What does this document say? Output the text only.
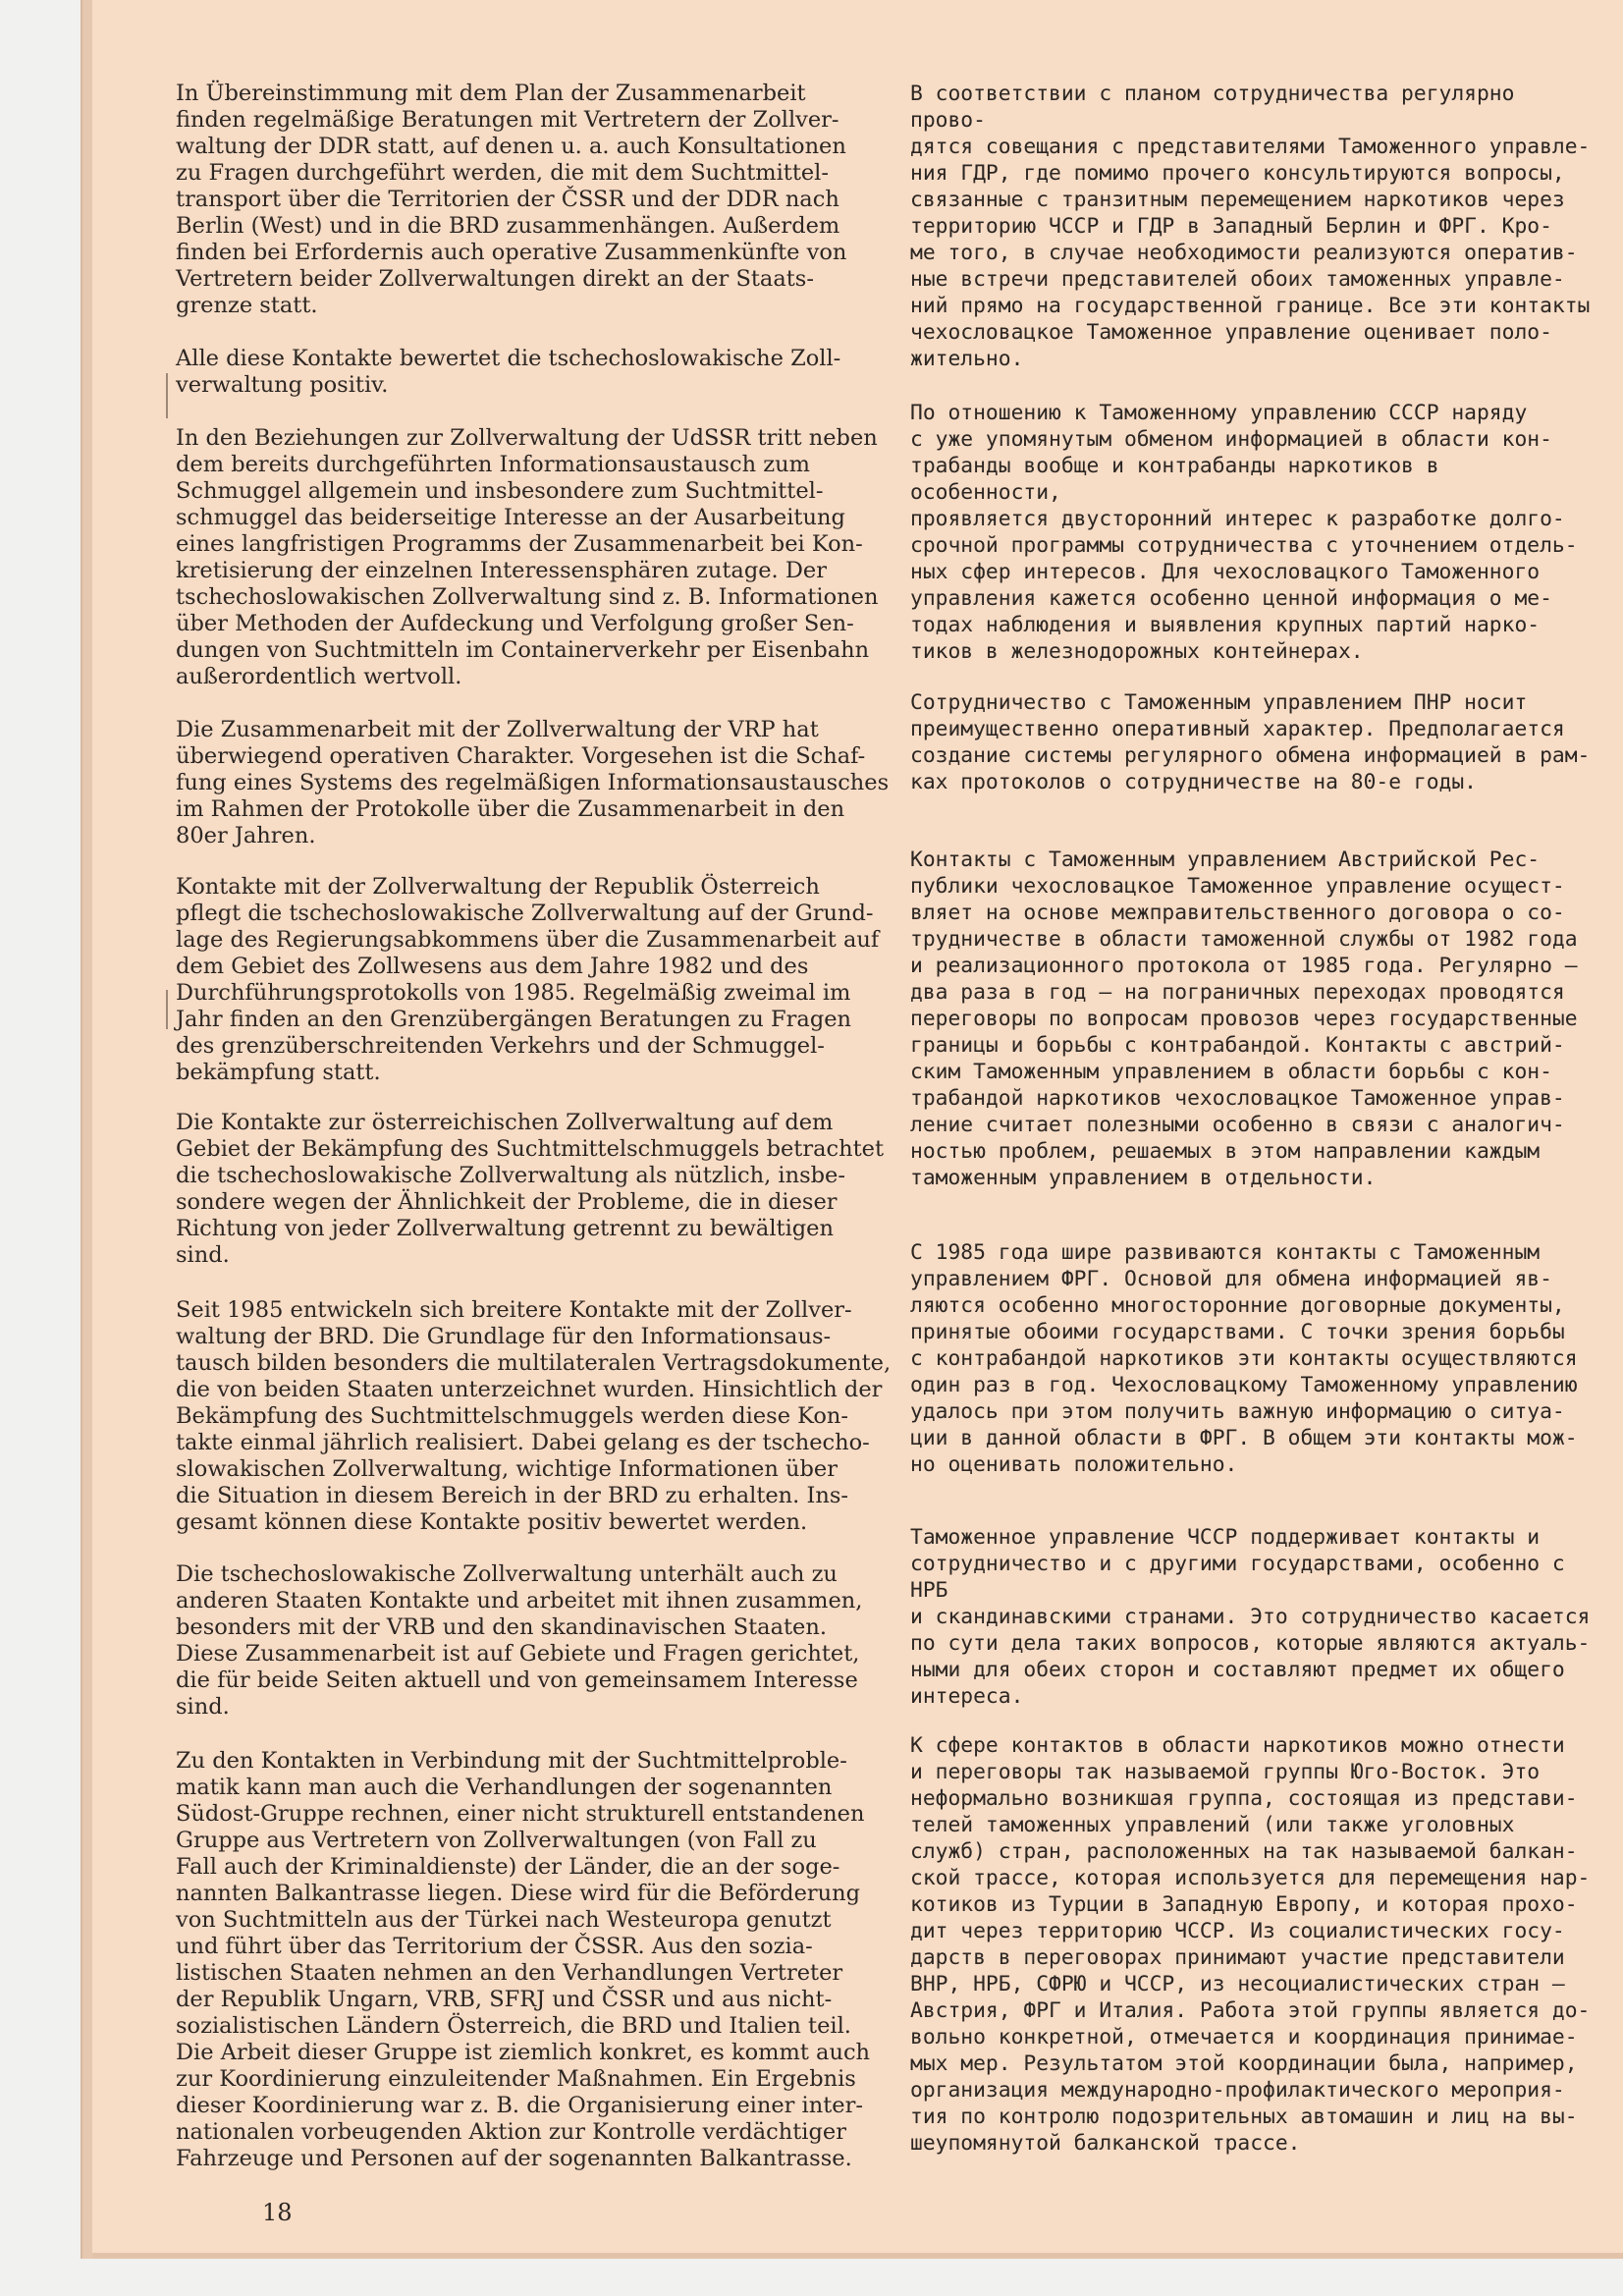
In Übereinstimmung mit dem Plan der Zusammenarbeit
finden regelmäßige Beratungen mit Vertretern der Zollver-
waltung der DDR statt, auf denen u. a. auch Konsultationen
zu Fragen durchgeführt werden, die mit dem Suchtmittel-
transport über die Territorien der ČSSR und der DDR nach
Berlin (West) und in die BRD zusammenhängen. Außerdem
finden bei Erfordernis auch operative Zusammenkünfte von
Vertretern beider Zollverwaltungen direkt an der Staats-
grenze statt.

Alle diese Kontakte bewertet die tschechoslowakische Zoll-
verwaltung positiv.

In den Beziehungen zur Zollverwaltung der UdSSR tritt neben
dem bereits durchgeführten Informationsaustausch zum
Schmuggel allgemein und insbesondere zum Suchtmittel-
schmuggel das beiderseitige Interesse an der Ausarbeitung
eines langfristigen Programms der Zusammenarbeit bei Kon-
kretisierung der einzelnen Interessensphären zutage. Der
tschechoslowakischen Zollverwaltung sind z. B. Informationen
über Methoden der Aufdeckung und Verfolgung großer Sen-
dungen von Suchtmitteln im Containerverkehr per Eisenbahn
außerordentlich wertvoll.

Die Zusammenarbeit mit der Zollverwaltung der VRP hat
überwiegend operativen Charakter. Vorgesehen ist die Schaf-
fung eines Systems des regelmäßigen Informationsaustausches
im Rahmen der Protokolle über die Zusammenarbeit in den
80er Jahren.

Kontakte mit der Zollverwaltung der Republik Österreich
pflegt die tschechoslowakische Zollverwaltung auf der Grund-
lage des Regierungsabkommens über die Zusammenarbeit auf
dem Gebiet des Zollwesens aus dem Jahre 1982 und des
Durchführungsprotokolls von 1985. Regelmäßig zweimal im
Jahr finden an den Grenzübergängen Beratungen zu Fragen
des grenzüberschreitenden Verkehrs und der Schmuggel-
bekämpfung statt.

Die Kontakte zur österreichischen Zollverwaltung auf dem
Gebiet der Bekämpfung des Suchtmittelschmuggels betrachtet
die tschechoslowakische Zollverwaltung als nützlich, insbe-
sondere wegen der Ähnlichkeit der Probleme, die in dieser
Richtung von jeder Zollverwaltung getrennt zu bewältigen
sind.

Seit 1985 entwickeln sich breitere Kontakte mit der Zollver-
waltung der BRD. Die Grundlage für den Informationsaus-
tausch bilden besonders die multilateralen Vertragsdokumente,
die von beiden Staaten unterzeichnet wurden. Hinsichtlich der
Bekämpfung des Suchtmittelschmuggels werden diese Kon-
takte einmal jährlich realisiert. Dabei gelang es der tschecho-
slowakischen Zollverwaltung, wichtige Informationen über
die Situation in diesem Bereich in der BRD zu erhalten. Ins-
gesamt können diese Kontakte positiv bewertet werden.

Die tschechoslowakische Zollverwaltung unterhält auch zu
anderen Staaten Kontakte und arbeitet mit ihnen zusammen,
besonders mit der VRB und den skandinavischen Staaten.
Diese Zusammenarbeit ist auf Gebiete und Fragen gerichtet,
die für beide Seiten aktuell und von gemeinsamem Interesse
sind.

Zu den Kontakten in Verbindung mit der Suchtmittelproble-
matik kann man auch die Verhandlungen der sogenannten
Südost-Gruppe rechnen, einer nicht strukturell entstandenen
Gruppe aus Vertretern von Zollverwaltungen (von Fall zu
Fall auch der Kriminaldienste) der Länder, die an der soge-
nannten Balkantrasse liegen. Diese wird für die Beförderung
von Suchtmitteln aus der Türkei nach Westeuropa genutzt
und führt über das Territorium der ČSSR. Aus den sozia-
listischen Staaten nehmen an den Verhandlungen Vertreter
der Republik Ungarn, VRB, SFRJ und ČSSR und aus nicht-
sozialistischen Ländern Österreich, die BRD und Italien teil.
Die Arbeit dieser Gruppe ist ziemlich konkret, es kommt auch
zur Koordinierung einzuleitender Maßnahmen. Ein Ergebnis
dieser Koordinierung war z. B. die Organisierung einer inter-
nationalen vorbeugenden Aktion zur Kontrolle verdächtiger
Fahrzeuge und Personen auf der sogenannten Balkantrasse.

В соответствии с планом сотрудничества регулярно прово-
дятся совещания с представителями Таможенного управле-
ния ГДР, где помимо прочего консультируются вопросы,
связанные с транзитным перемещением наркотиков через
территорию ЧССР и ГДР в Западный Берлин и ФРГ. Кро-
ме того, в случае необходимости реализуются оператив-
ные встречи представителей обоих таможенных управле-
ний прямо на государственной границе. Все эти контакты
чехословацкое Таможенное управление оценивает поло-
жительно.

По отношению к Таможенному управлению СССР наряду
с уже упомянутым обменом информацией в области кон-
трабанды вообще и контрабанды наркотиков в особенности,
проявляется двусторонний интерес к разработке долго-
срочной программы сотрудничества с уточнением отдель-
ных сфер интересов. Для чехословацкого Таможенного
управления кажется особенно ценной информация о ме-
тодах наблюдения и выявления крупных партий нарко-
тиков в железнодорожных контейнерах.

Сотрудничество с Таможенным управлением ПНР носит
преимущественно оперативный характер. Предполагается
создание системы регулярного обмена информацией в рам-
ках протоколов о сотрудничестве на 80-е годы.

Контакты с Таможенным управлением Австрийской Рес-
публики чехословацкое Таможенное управление осущест-
вляет на основе межправительственного договора о со-
трудничестве в области таможенной службы от 1982 года
и реализационного протокола от 1985 года. Регулярно —
два раза в год — на пограничных переходах проводятся
переговоры по вопросам провозов через государственные
границы и борьбы с контрабандой. Контакты с австрий-
ским Таможенным управлением в области борьбы с кон-
трабандой наркотиков чехословацкое Таможенное управ-
ление считает полезными особенно в связи с аналогич-
ностью проблем, решаемых в этом направлении каждым
таможенным управлением в отдельности.

С 1985 года шире развиваются контакты с Таможенным
управлением ФРГ. Основой для обмена информацией яв-
ляются особенно многосторонние договорные документы,
принятые обоими государствами. С точки зрения борьбы
с контрабандой наркотиков эти контакты осуществляются
один раз в год. Чехословацкому Таможенному управлению
удалось при этом получить важную информацию о ситуа-
ции в данной области в ФРГ. В общем эти контакты мож-
но оценивать положительно.

Таможенное управление ЧССР поддерживает контакты и
сотрудничество и с другими государствами, особенно с НРБ
и скандинавскими странами. Это сотрудничество касается
по сути дела таких вопросов, которые являются актуаль-
ными для обеих сторон и составляют предмет их общего
интереса.

К сфере контактов в области наркотиков можно отнести
и переговоры так называемой группы Юго-Восток. Это
неформально возникшая группа, состоящая из представи-
телей таможенных управлений (или также уголовных
служб) стран, расположенных на так называемой балкан-
ской трассе, которая используется для перемещения нар-
котиков из Турции в Западную Европу, и которая прохо-
дит через территорию ЧССР. Из социалистических госу-
дарств в переговорах принимают участие представители
ВНР, НРБ, СФРЮ и ЧССР, из несоциалистических стран —
Австрия, ФРГ и Италия. Работа этой группы является до-
вольно конкретной, отмечается и координация принимае-
мых мер. Результатом этой координации была, например,
организация международно-профилактического мероприя-
тия по контролю подозрительных автомашин и лиц на вы-
шеупомянутой балканской трассе.

18
